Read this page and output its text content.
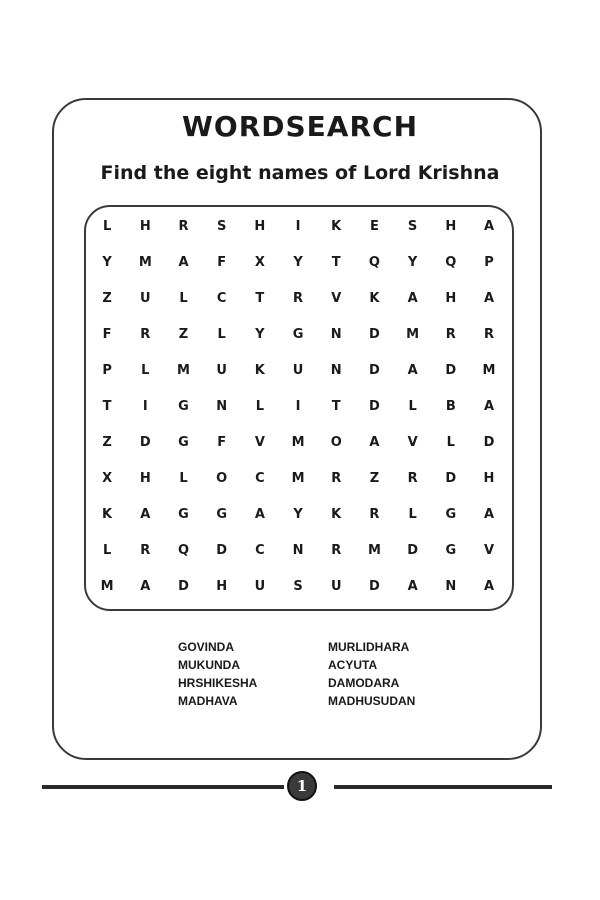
WORDSEARCH
Find the eight names of Lord Krishna
L	H	R	S	H	I	K	E	S	H	A
Y	M	A	F	X	Y	T	Q	Y	Q	P
Z	U	L	C	T	R	V	K	A	H	A
F	R	Z	L	Y	G	N	D	M	R	R
P	L	M	U	K	U	N	D	A	D	M
T	I	G	N	L	I	T	D	L	B	A
Z	D	G	F	V	M	O	A	V	L	D
X	H	L	O	C	M	R	Z	R	D	H
K	A	G	G	A	Y	K	R	L	G	A
L	R	Q	D	C	N	R	M	D	G	V
M	A	D	H	U	S	U	D	A	N	A
GOVINDA
MUKUNDA
HRSHIKESHA
MADHAVA
MURLIDHARA
ACYUTA
DAMODARA
MADHUSUDAN
1
